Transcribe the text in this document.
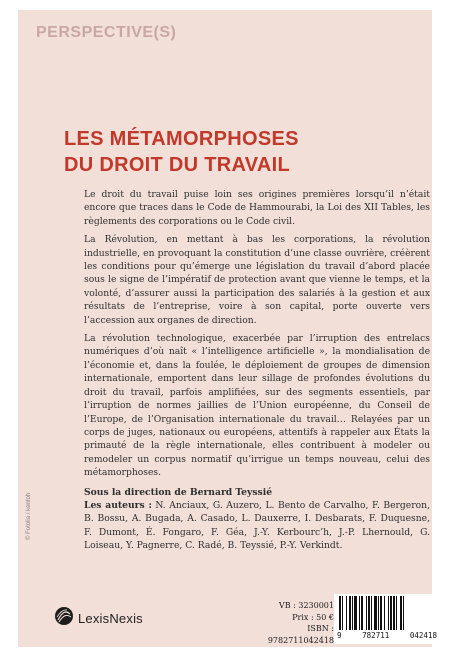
PERSPECTIVE(S)
LES MÉTAMORPHOSES
DU DROIT DU TRAVAIL

Le droit du travail puise loin ses origines premières lorsqu’il n’était encore que traces dans le Code de Hammourabi, la Loi des XII Tables, les règlements des corporations ou le Code civil.

La Révolution, en mettant à bas les corporations, la révolution industrielle, en provoquant la constitution d’une classe ouvrière, créèrent les conditions pour qu’émerge une législation du travail d’abord placée sous le signe de l’impératif de protection avant que vienne le temps, et la volonté, d’assurer aussi la participation des salariés à la gestion et aux résultats de l’entreprise, voire à son capital, porte ouverte vers l’accession aux organes de direction.

La révolution technologique, exacerbée par l’irruption des entrelacs numériques d’où naît « l’intelligence artificielle », la mondialisation de l’économie et, dans la foulée, le déploiement de groupes de dimension internationale, emportent dans leur sillage de profondes évolutions du droit du travail, parfois amplifiées, sur des segments essentiels, par l’irruption de normes jaillies de l’Union européenne, du Conseil de l’Europe, de l’Organisation internationale du travail… Relayées par un corps de juges, nationaux ou européens, attentifs à rappeler aux États la primauté de la règle internationale, elles contribuent à modeler ou remodeler un corpus normatif qu’irrigue un temps nouveau, celui des métamorphoses.

Sous la direction de Bernard Teyssié
Les auteurs : N. Anciaux, G. Auzero, L. Bento de Carvalho, F. Bergeron, B. Bossu, A. Bugada, A. Casado, L. Dauxerre, I. Desbarats, F. Duquesne, F. Dumont, É. Fongaro, F. Géa, J.-Y. Kerbourc’h, J.-P. Lhernould, G. Loiseau, Y. Pagnerre, C. Radé, B. Teyssié, P.-Y. Verkindt.
© Fotolia / kentoh
LexisNexis
VB : 3230001
Prix : 50 €
ISBN : 9782711042418 9	782711	042418
